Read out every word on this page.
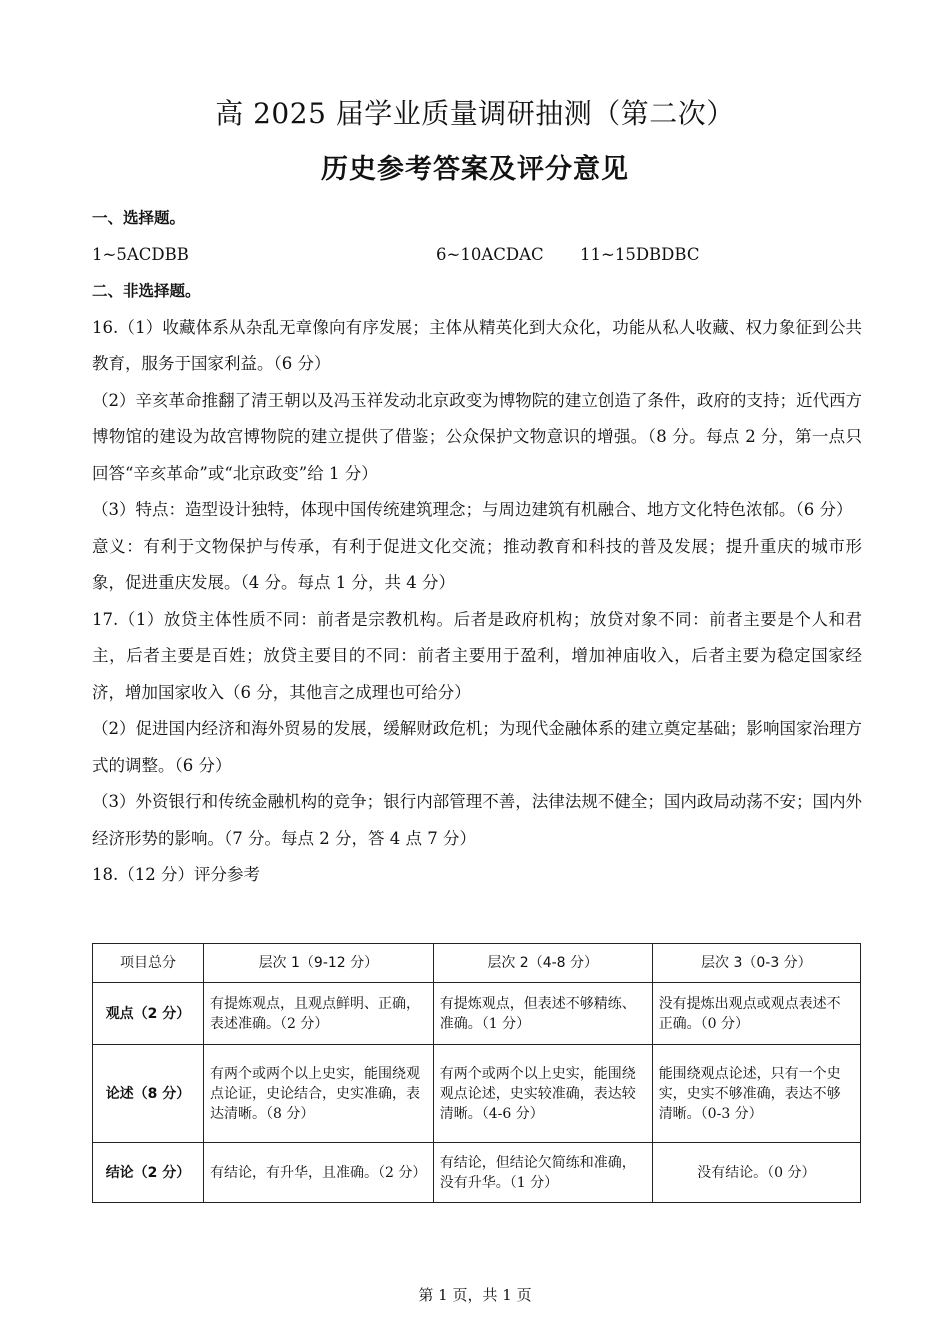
高 2025 届学业质量调研抽测（第二次）
历史参考答案及评分意见
一、选择题。
1~5ACDBB	6~10ACDAC 11~15DBDBC
二、非选择题。

16.（1）收藏体系从杂乱无章像向有序发展；主体从精英化到大众化，功能从私人收藏、权力象征到公共教育，服务于国家利益。（6 分）

（2）辛亥革命推翻了清王朝以及冯玉祥发动北京政变为博物院的建立创造了条件，政府的支持；近代西方博物馆的建设为故宫博物院的建立提供了借鉴；公众保护文物意识的增强。（8 分。每点 2 分，第一点只回答“辛亥革命”或“北京政变”给 1 分）

（3）特点：造型设计独特，体现中国传统建筑理念；与周边建筑有机融合、地方文化特色浓郁。（6 分）

意义：有利于文物保护与传承，有利于促进文化交流；推动教育和科技的普及发展；提升重庆的城市形象，促进重庆发展。（4 分。每点 1 分，共 4 分）

17.（1）放贷主体性质不同：前者是宗教机构。后者是政府机构；放贷对象不同：前者主要是个人和君主，后者主要是百姓；放贷主要目的不同：前者主要用于盈利，增加神庙收入，后者主要为稳定国家经济，增加国家收入（6 分，其他言之成理也可给分）

（2）促进国内经济和海外贸易的发展，缓解财政危机；为现代金融体系的建立奠定基础；影响国家治理方式的调整。（6 分）

（3）外资银行和传统金融机构的竞争；银行内部管理不善，法律法规不健全；国内政局动荡不安；国内外经济形势的影响。（7 分。每点 2 分，答 4 点 7 分）

18.（12 分）评分参考

项目总分	层次 1（9-12 分）	层次 2（4-8 分）	层次 3（0-3 分）
观点（2 分）	有提炼观点，且观点鲜明、正确，表述准确。（2 分）	有提炼观点，但表述不够精练、准确。（1 分）	没有提炼出观点或观点表述不正确。（0 分）
论述（8 分）	有两个或两个以上史实，能围绕观点论证，史论结合，史实准确，表达清晰。（8 分）	有两个或两个以上史实，能围绕观点论述，史实较准确，表达较清晰。（4-6 分）	能围绕观点论述，只有一个史实，史实不够准确，表达不够清晰。（0-3 分）
结论（2 分）	有结论，有升华，且准确。（2 分）	有结论，但结论欠简练和准确，没有升华。（1 分）	没有结论。（0 分）
第 1 页，共 1 页
